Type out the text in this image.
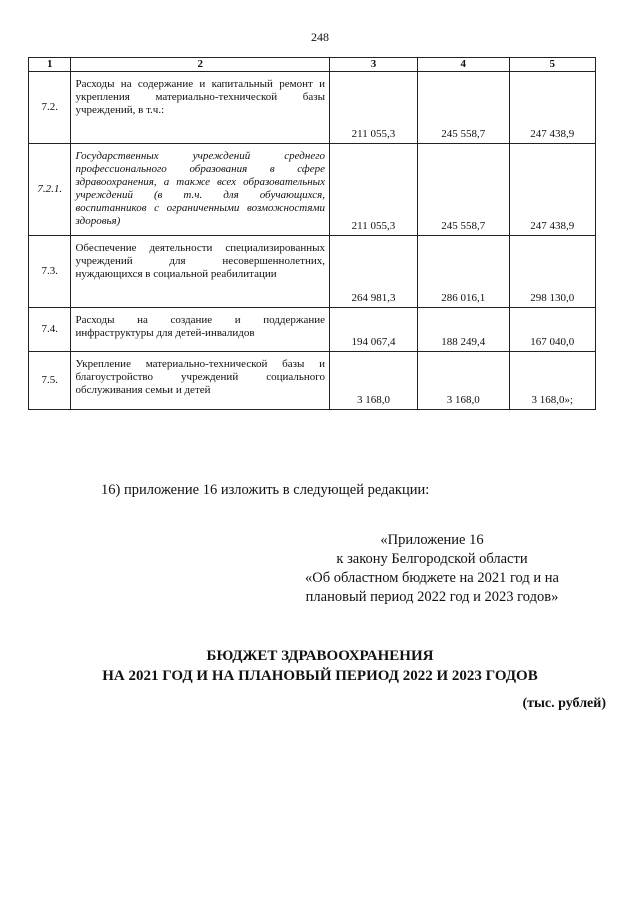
248
1	2	3	4	5
7.2.	Расходы на содержание и капитальный ремонт и укрепления материально-технической базы учреждений, в т.ч.:	211 055,3	245 558,7	247 438,9
7.2.1.	Государственных учреждений среднего профессионального образования в сфере здравоохранения, а также всех образовательных учреждений (в т.ч. для обучающихся, воспитанников с ограниченными возможностями здоровья)	211 055,3	245 558,7	247 438,9
7.3.	Обеспечение деятельности специализированных учреждений для несовершеннолетних, нуждающихся в социальной реабилитации	264 981,3	286 016,1	298 130,0
7.4.	Расходы на создание и поддержание инфраструктуры для детей-инвалидов	194 067,4	188 249,4	167 040,0
7.5.	Укрепление материально-технической базы и благоустройство учреждений социального обслуживания семьи и детей	3 168,0	3 168,0	3 168,0»;
16) приложение 16 изложить в следующей редакции:
«Приложение 16
к закону Белгородской области
«Об областном бюджете на 2021 год и на
плановый период 2022 год и 2023 годов»
БЮДЖЕТ ЗДРАВООХРАНЕНИЯ
НА 2021 ГОД И НА ПЛАНОВЫЙ ПЕРИОД 2022 И 2023 ГОДОВ
(тыс. рублей)
